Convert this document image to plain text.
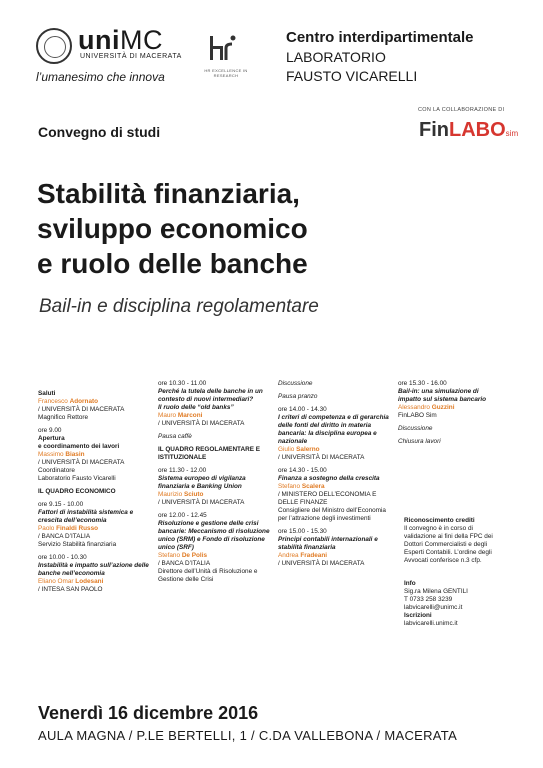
uniMC
UNIVERSITÀ DI MACERATA
l’umanesimo che innova	HR EXCELLENCE IN RESEARCH
Centro interdipartimentale
LABORATORIO
FAUSTO VICARELLI
CON LA COLLABORAZIONE DI
FinLABOsim
Convegno di studi
Stabilità finanziaria,
sviluppo economico
e ruolo delle banche
Bail-in e disciplina regolamentare

Saluti

Francesco Adornato

/ UNIVERSITÀ DI MACERATA

Magnifico Rettore

ore 9.00

Apertura

e coordinamento dei lavori

Massimo Biasin

/ UNIVERSITÀ DI MACERATA

Coordinatore

Laboratorio Fausto Vicarelli

IL QUADRO ECONOMICO

ore 9.15 - 10.00

Fattori di instabilità sistemica e crescita dell’economia

Paolo Finaldi Russo

/ BANCA D’ITALIA

Servizio Stabilità finanziaria

ore 10.00 - 10.30

Instabilità e impatto sull’azione delle banche nell’economia

Eliano Omar Lodesani

/ INTESA SAN PAOLO

ore 10.30 - 11.00

Perché la tutela delle banche in un contesto di nuovi intermediari?

Il ruolo delle “old banks”

Mauro Marconi

/ UNIVERSITÀ DI MACERATA

Pausa caffè

IL QUADRO REGOLAMENTARE E ISTITUZIONALE

ore 11.30 - 12.00

Sistema europeo di vigilanza finanziaria e Banking Union

Maurizio Sciuto

/ UNIVERSITÀ DI MACERATA

ore 12.00 - 12.45

Risoluzione e gestione delle crisi bancarie: Meccanismo di risoluzione unico (SRM) e Fondo di risoluzione unico (SRF)

Stefano De Polis

/ BANCA D’ITALIA

Direttore dell’Unità di Risoluzione e Gestione delle Crisi

Discussione

Pausa pranzo

ore 14.00 - 14.30

I criteri di competenza e di gerarchia delle fonti del diritto in materia bancaria: la disciplina europea e nazionale

Giulio Salerno

/ UNIVERSITÀ DI MACERATA

ore 14.30 - 15.00

Finanza a sostegno della crescita

Stefano Scalera

/ MINISTERO DELL’ECONOMIA E DELLE FINANZE

Consigliere del Ministro dell’Economia per l’attrazione degli investimenti

ore 15.00 - 15.30

Principi contabili internazionali e stabilità finanziaria

Andrea Fradeani

/ UNIVERSITÀ DI MACERATA

ore 15.30 - 16.00

Bail-in: una simulazione di impatto sul sistema bancario

Alessandro Guzzini

FinLABO Sim

Discussione

Chiusura lavori

Riconoscimento crediti

Il convegno è in corso di validazione ai fini della FPC dei Dottori Commercialisti e degli Esperti Contabili. L’ordine degli Avvocati conferisce n.3 cfp.

Info

Sig.ra Milena GENTILI

T 0733 258 3239

labvicarelli@unimc.it

Iscrizioni

labvicarelli.unimc.it

Venerdì 16 dicembre 2016
AULA MAGNA / P.LE BERTELLI, 1 / C.DA VALLEBONA / MACERATA
